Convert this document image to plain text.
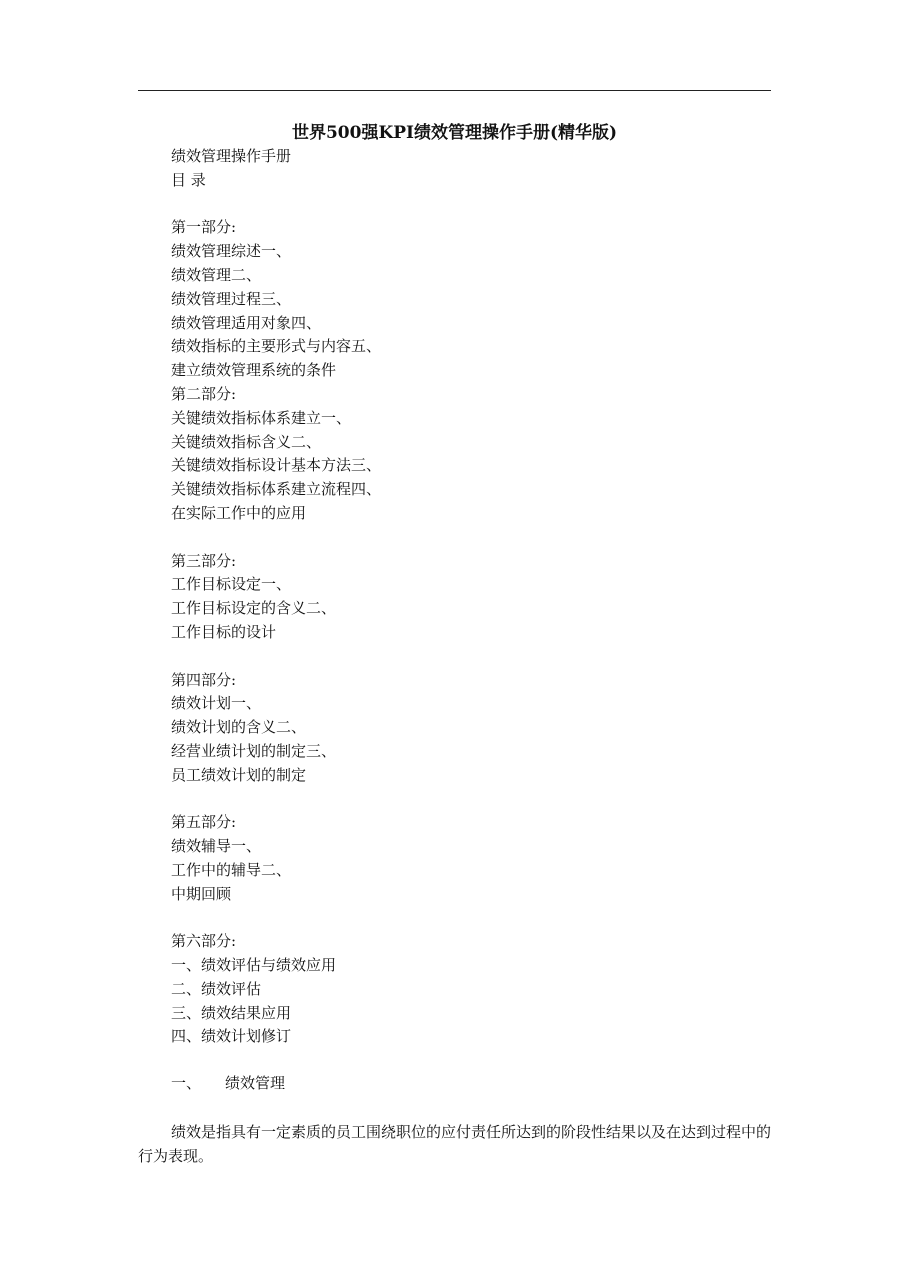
世界500强KPI绩效管理操作手册(精华版)
绩效管理操作手册
目 录
第一部分:
绩效管理综述一、
绩效管理二、
绩效管理过程三、
绩效管理适用对象四、
绩效指标的主要形式与内容五、
建立绩效管理系统的条件
第二部分:
关键绩效指标体系建立一、
关键绩效指标含义二、
关键绩效指标设计基本方法三、
关键绩效指标体系建立流程四、
在实际工作中的应用
第三部分:
工作目标设定一、
工作目标设定的含义二、
工作目标的设计
第四部分:
绩效计划一、
绩效计划的含义二、
经营业绩计划的制定三、
员工绩效计划的制定
第五部分:
绩效辅导一、
工作中的辅导二、
中期回顾
第六部分:
一、绩效评估与绩效应用
二、绩效评估
三、绩效结果应用
四、绩效计划修订
一、 绩效管理
绩效是指具有一定素质的员工围绕职位的应付责任所达到的阶段性结果以及在达到过程中的行为表现。
